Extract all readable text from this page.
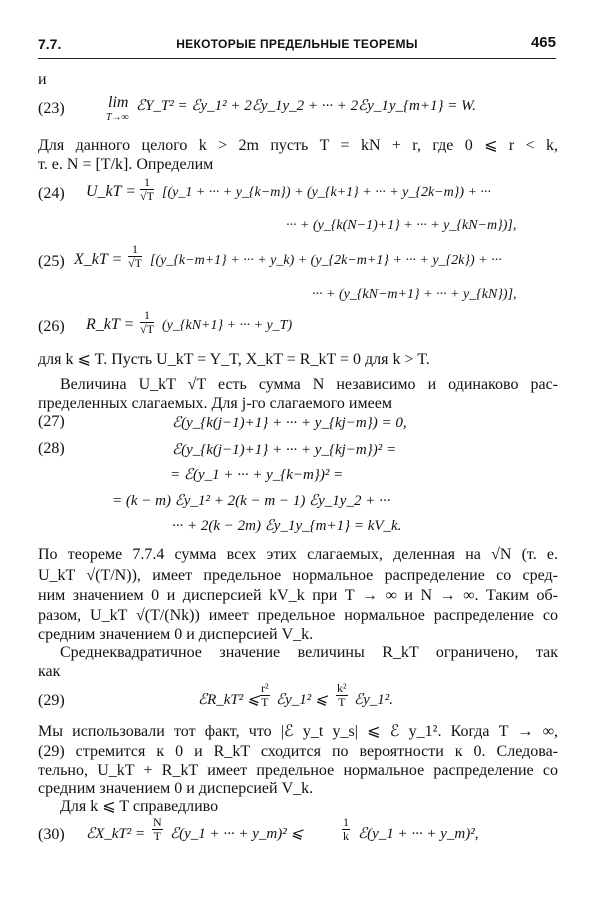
7.7.	НЕКОТОРЫЕ ПРЕДЕЛЬНЫЕ ТЕОРЕМЫ	465
и
(23)	lim
T→∞
ℰY_T² = ℰy_1² + 2ℰy_1y_2 + ··· + 2ℰy_1y_{m+1} = W.
Для данного целого k > 2m пусть T = kN + r, где 0 ⩽ r < k,
т. е. N = [T/k]. Определим
(24)	U_kT = $\frac{1}{√T}$ [(y_1 + ··· + y_{k−m}) + (y_{k+1} + ··· + y_{2k−m}) + ···
··· + (y_{k(N−1)+1} + ··· + y_{kN−m})],
(25) X_kT = $\frac{1}{√T}$ [(y_{k−m+1} + ··· + y_k) + (y_{2k−m+1} + ··· + y_{2k}) + ···
··· + (y_{kN−m+1} + ··· + y_{kN})],
(26)	R_kT = $\frac{1}{√T}$ (y_{kN+1} + ··· + y_T)
для k ⩽ T. Пусть U_kT = Y_T, X_kT = R_kT = 0 для k > T.
Величина U_kT √T есть сумма N независимо и одинаково рас-
пределенных слагаемых. Для j-го слагаемого имеем
(27)	ℰ(y_{k(j−1)+1} + ··· + y_{kj−m}) = 0,
(28)	ℰ(y_{k(j−1)+1} + ··· + y_{kj−m})² =
= ℰ(y_1 + ··· + y_{k−m})² =
= (k − m) ℰy_1² + 2(k − m − 1) ℰy_1y_2 + ···
··· + 2(k − 2m) ℰy_1y_{m+1} = kV_k.
По теореме 7.7.4 сумма всех этих слагаемых, деленная на √N (т. е.
U_kT √(T/N)), имеет предельное нормальное распределение со сред-
ним значением 0 и дисперсией kV_k при T → ∞ и N → ∞. Таким об-
разом, U_kT √(T/(Nk)) имеет предельное нормальное распределение со
средним значением 0 и дисперсией V_k.
Среднеквадратичное значение величины R_kT ограничено, так
как
(29)	ℰR_kT² ⩽ $\frac{\text{r²}}{T}$ ℰy_1² ⩽ $\frac{\text{k²}}{T}$ ℰy_1².
Мы использовали тот факт, что |ℰ y_t y_s| ⩽ ℰ y_1². Когда T → ∞,
(29) стремится к 0 и R_kT сходится по вероятности к 0. Следова-
тельно, U_kT + R_kT имеет предельное нормальное распределение со
средним значением 0 и дисперсией V_k.
Для k ⩽ T справедливо
(30)	ℰX_kT² = $\frac{N}{T}$ ℰ(y_1 + ··· + y_m)² ⩽	$\frac{1}{k}$ ℰ(y_1 + ··· + y_m)²,
